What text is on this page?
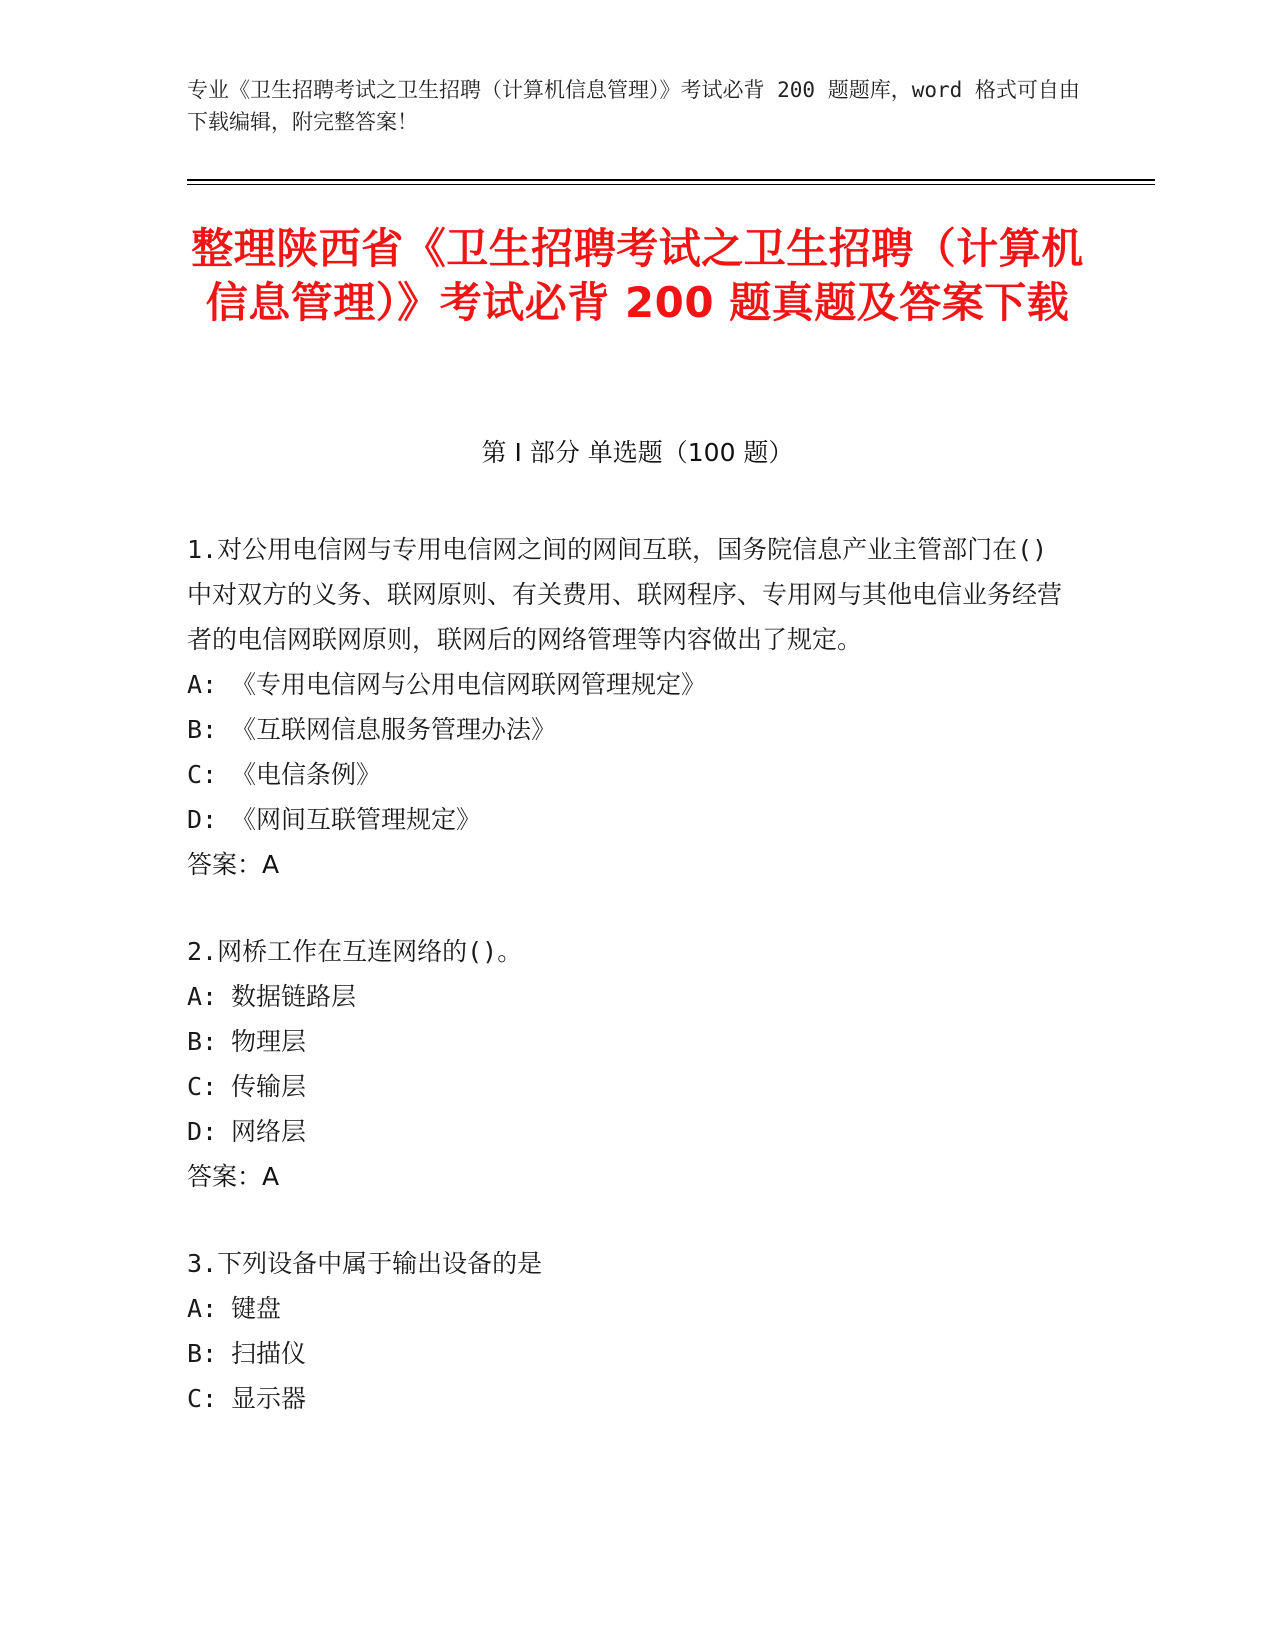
专业《卫生招聘考试之卫生招聘（计算机信息管理）》考试必背 200 题题库，word 格式可自由下载编辑，附完整答案！
整理陕西省《卫生招聘考试之卫生招聘（计算机信息管理）》考试必背 200 题真题及答案下载
第 I 部分 单选题（100 题）

1.对公用电信网与专用电信网之间的网间互联，国务院信息产业主管部门在()中对双方的义务、联网原则、有关费用、联网程序、专用网与其他电信业务经营者的电信网联网原则，联网后的网络管理等内容做出了规定。

A: 《专用电信网与公用电信网联网管理规定》
B: 《互联网信息服务管理办法》
C: 《电信条例》
D: 《网间互联管理规定》
答案：A

2.网桥工作在互连网络的()。

A: 数据链路层
B: 物理层
C: 传输层
D: 网络层
答案：A

3.下列设备中属于输出设备的是

A: 键盘
B: 扫描仪
C: 显示器
